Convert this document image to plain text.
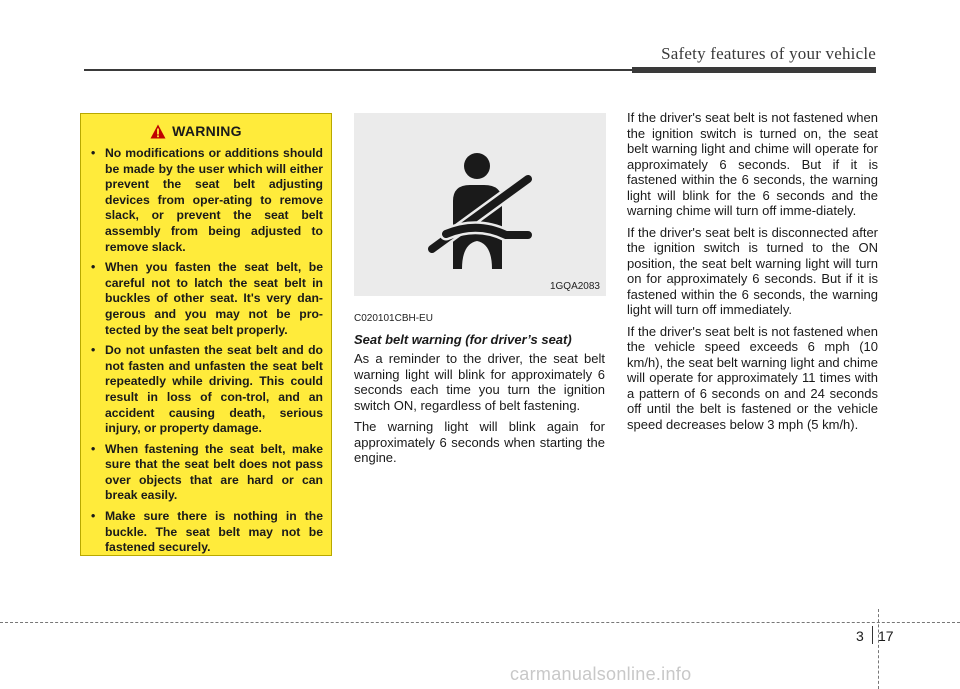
Safety features of your vehicle
WARNING
• No modifications or additions should be made by the user which will either prevent the seat belt adjusting devices from oper-ating to remove slack, or prevent the seat belt assembly from being adjusted to remove slack.
• When you fasten the seat belt, be careful not to latch the seat belt in buckles of other seat. It's very dan-gerous and you may not be pro-tected by the seat belt properly.
• Do not unfasten the seat belt and do not fasten and unfasten the seat belt repeatedly while driving. This could result in loss of con-trol, and an accident causing death, serious injury, or property damage.
• When fastening the seat belt, make sure that the seat belt does not pass over objects that are hard or can break easily.
• Make sure there is nothing in the buckle. The seat belt may not be fastened securely.
1GQA2083
C020101CBH-EU
Seat belt warning (for driver’s seat)

As a reminder to the driver, the seat belt warning light will blink for approximately 6 seconds each time you turn the ignition switch ON, regardless of belt fastening.

The warning light will blink again for approximately 6 seconds when starting the engine.

If the driver's seat belt is not fastened when the ignition switch is turned on, the seat belt warning light and chime will operate for approximately 6 seconds. But if it is fastened within the 6 seconds, the warning light will blink for the 6 seconds and the warning chime will turn off imme-diately.

If the driver's seat belt is disconnected after the ignition switch is turned to the ON position, the seat belt warning light will turn on for approximately 6 seconds. But if it is fastened within the 6 seconds, the warning light will turn off immediately.

If the driver's seat belt is not fastened when the vehicle speed exceeds 6 mph (10 km/h), the seat belt warning light and chime will operate for approximately 11 times with a pattern of 6 seconds on and 24 seconds off until the belt is fastened or the vehicle speed decreases below 3 mph (5 km/h).

3 17
carmanualsonline.info
